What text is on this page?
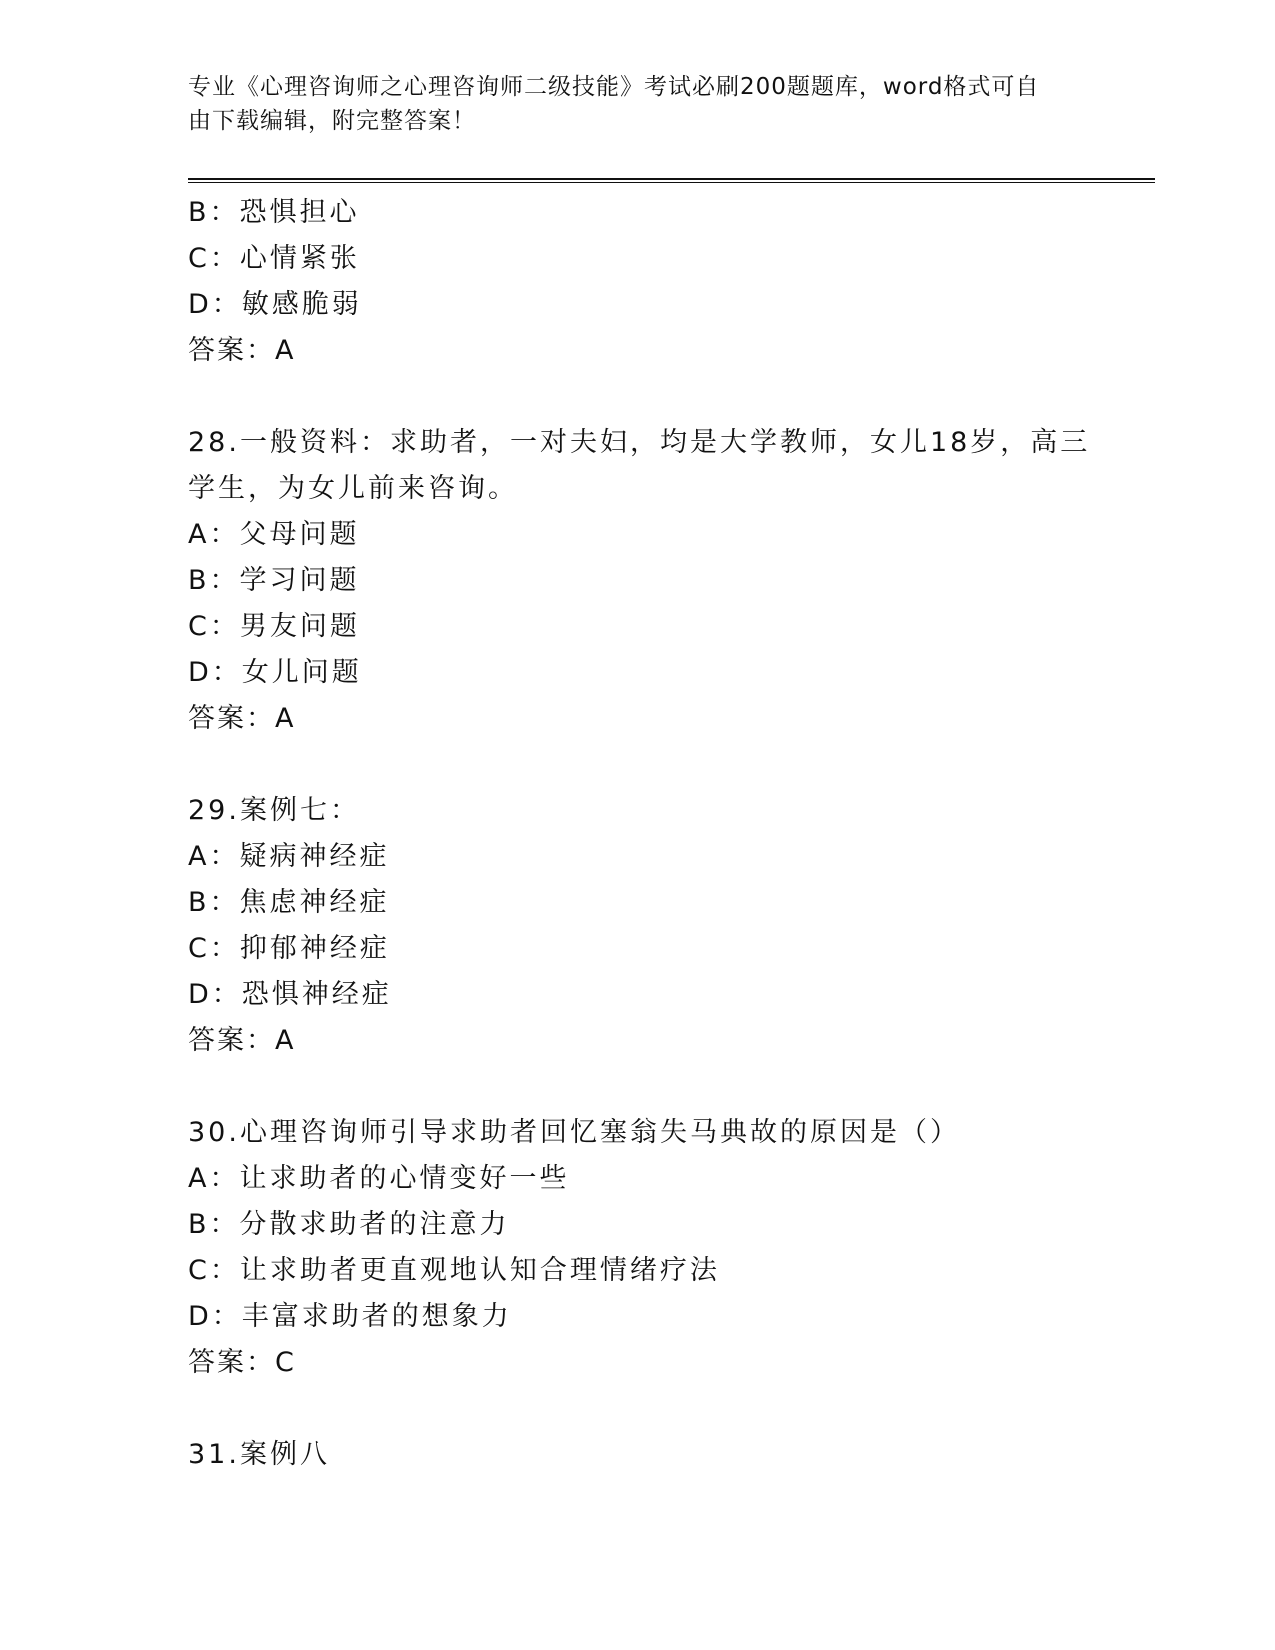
专业《心理咨询师之心理咨询师二级技能》考试必刷200题题库，word格式可自
由下载编辑，附完整答案！
B：恐惧担心
C：心情紧张
D：敏感脆弱
答案：A
28.一般资料：求助者，一对夫妇，均是大学教师，女儿18岁，高三
学生，为女儿前来咨询。
A：父母问题
B：学习问题
C：男友问题
D：女儿问题
答案：A
29.案例七：
A：疑病神经症
B：焦虑神经症
C：抑郁神经症
D：恐惧神经症
答案：A
30.心理咨询师引导求助者回忆塞翁失马典故的原因是（）
A：让求助者的心情变好一些
B：分散求助者的注意力
C：让求助者更直观地认知合理情绪疗法
D：丰富求助者的想象力
答案：C
31.案例八
